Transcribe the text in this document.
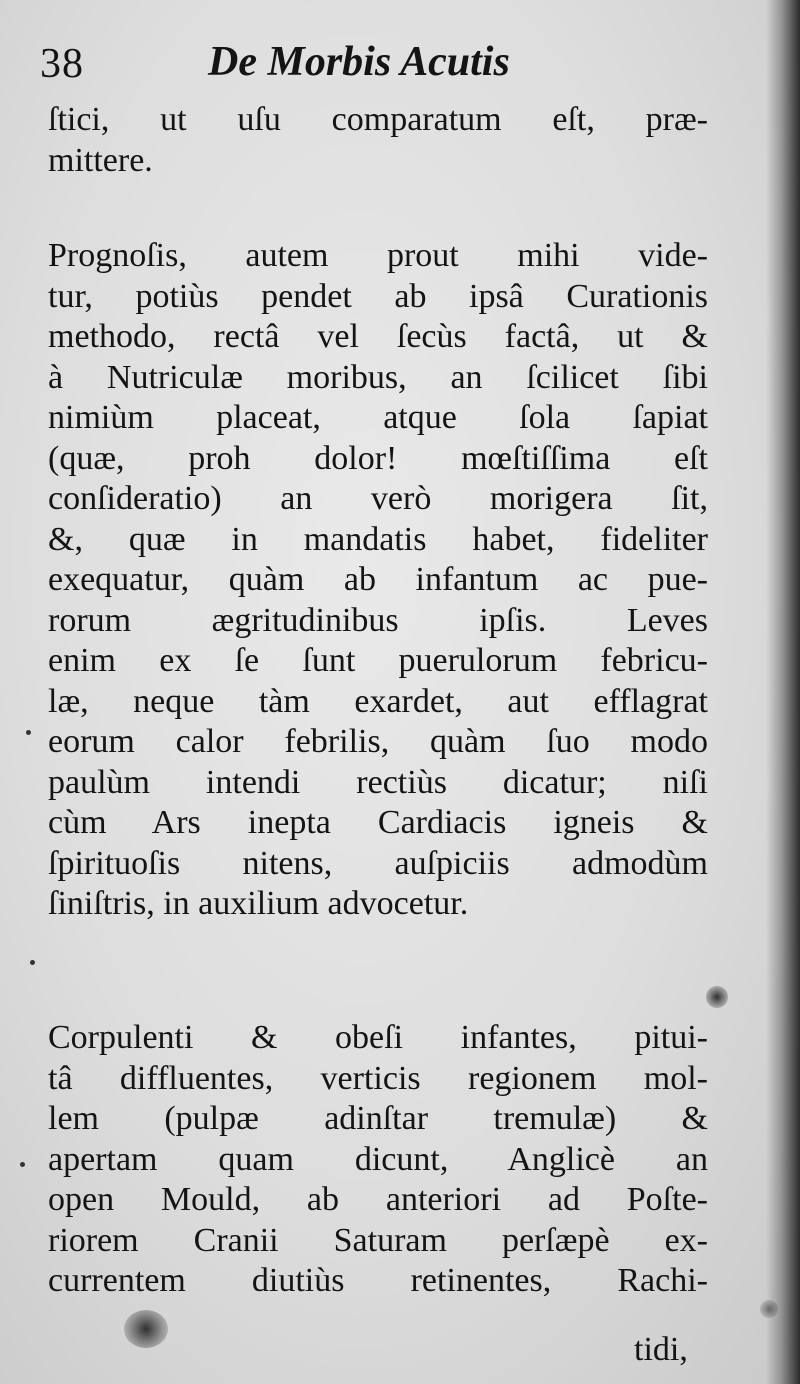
38	De Morbis Acutis
ſtici, ut uſu comparatum eſt, præ-
mittere.
Prognoſis, autem prout mihi vide-
tur, potiùs pendet ab ipsâ Curationis
methodo, rectâ vel ſecùs factâ, ut &
à Nutriculæ moribus, an ſcilicet ſibi
nimiùm placeat, atque ſola ſapiat
(quæ, proh dolor! mœſtiſſima eſt
conſideratio) an verò morigera ſit,
&, quæ in mandatis habet, fideliter
exequatur, quàm ab infantum ac pue-
rorum ægritudinibus ipſis. Leves
enim ex ſe ſunt puerulorum febricu-
læ, neque tàm exardet, aut efflagrat
eorum calor febrilis, quàm ſuo modo
paulùm intendi rectiùs dicatur; niſi
cùm Ars inepta Cardiacis igneis &
ſpirituoſis nitens, auſpiciis admodùm
ſiniſtris, in auxilium advocetur.
Corpulenti & obeſi infantes, pitui-
tâ diffluentes, verticis regionem mol-
lem (pulpæ adinſtar tremulæ) &
apertam quam dicunt, Anglicè an
open Mould, ab anteriori ad Poſte-
riorem Cranii Saturam perſæpè ex-
currentem diutiùs retinentes, Rachi-
tidi,
